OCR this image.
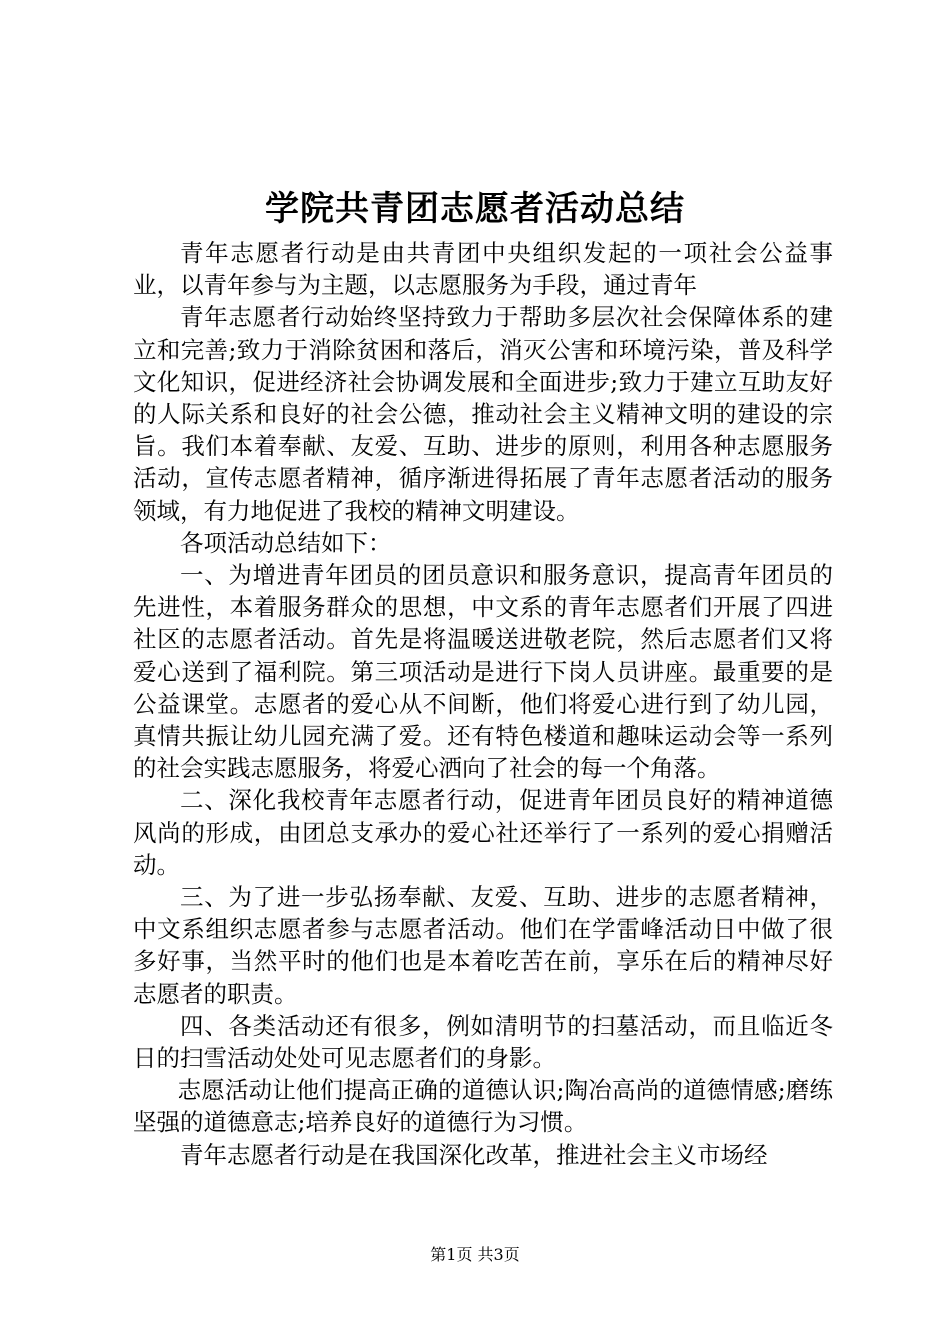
学院共青团志愿者活动总结

青年志愿者行动是由共青团中央组织发起的一项社会公益事业，以青年参与为主题，以志愿服务为手段，通过青年

青年志愿者行动始终坚持致力于帮助多层次社会保障体系的建立和完善;致力于消除贫困和落后，消灭公害和环境污染，普及科学文化知识，促进经济社会协调发展和全面进步;致力于建立互助友好的人际关系和良好的社会公德，推动社会主义精神文明的建设的宗旨。我们本着奉献、友爱、互助、进步的原则，利用各种志愿服务活动，宣传志愿者精神，循序渐进得拓展了青年志愿者活动的服务领域，有力地促进了我校的精神文明建设。

各项活动总结如下：

一、为增进青年团员的团员意识和服务意识，提高青年团员的先进性，本着服务群众的思想，中文系的青年志愿者们开展了四进社区的志愿者活动。首先是将温暖送进敬老院，然后志愿者们又将爱心送到了福利院。第三项活动是进行下岗人员讲座。最重要的是公益课堂。志愿者的爱心从不间断，他们将爱心进行到了幼儿园，真情共振让幼儿园充满了爱。还有特色楼道和趣味运动会等一系列的社会实践志愿服务，将爱心洒向了社会的每一个角落。

二、深化我校青年志愿者行动，促进青年团员良好的精神道德风尚的形成，由团总支承办的爱心社还举行了一系列的爱心捐赠活动。

三、为了进一步弘扬奉献、友爱、互助、进步的志愿者精神，中文系组织志愿者参与志愿者活动。他们在学雷峰活动日中做了很多好事，当然平时的他们也是本着吃苦在前，享乐在后的精神尽好志愿者的职责。

四、各类活动还有很多，例如清明节的扫墓活动，而且临近冬日的扫雪活动处处可见志愿者们的身影。

志愿活动让他们提高正确的道德认识;陶冶高尚的道德情感;磨练坚强的道德意志;培养良好的道德行为习惯。

青年志愿者行动是在我国深化改革，推进社会主义市场经

第1页 共3页
